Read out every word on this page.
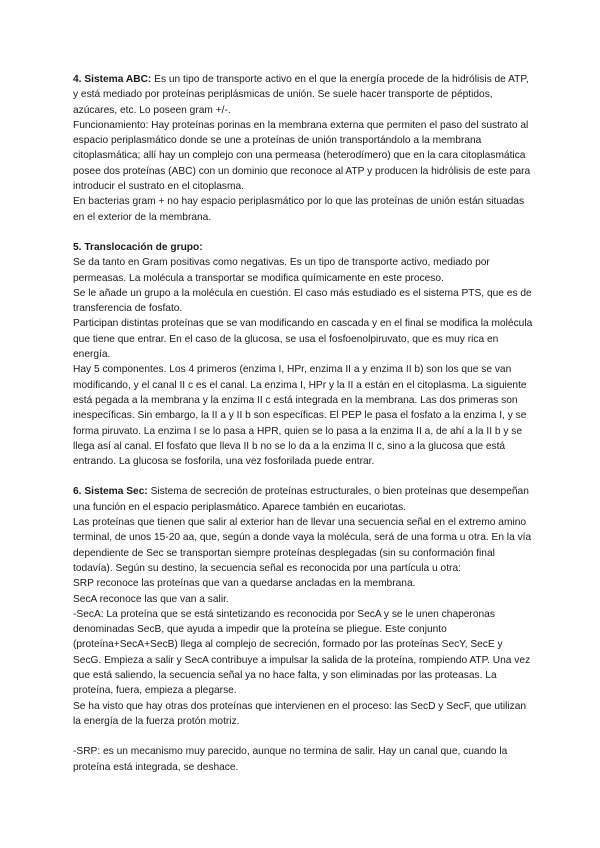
4. Sistema ABC: Es un tipo de transporte activo en el que la energía procede de la hidrólisis de ATP, y está mediado por proteínas periplásmicas de unión. Se suele hacer transporte de péptidos, azúcares, etc. Lo poseen gram +/-.

Funcionamiento: Hay proteínas porinas en la membrana externa que permiten el paso del sustrato al espacio periplasmático donde se une a proteínas de unión transportándolo a la membrana citoplasmática; allí hay un complejo con una permeasa (heterodímero) que en la cara citoplasmática posee dos proteínas (ABC) con un dominio que reconoce al ATP y producen la hidrólisis de este para introducir el sustrato en el citoplasma.

En bacterias gram + no hay espacio periplasmático por lo que las proteínas de unión están situadas en el exterior de la membrana.

5. Translocación de grupo:

Se da tanto en Gram positivas como negativas. Es un tipo de transporte activo, mediado por permeasas. La molécula a transportar se modifica químicamente en este proceso.

Se le añade un grupo a la molécula en cuestión. El caso más estudiado es el sistema PTS, que es de transferencia de fosfato.

Participan distintas proteínas que se van modificando en cascada y en el final se modifica la molécula que tiene que entrar. En el caso de la glucosa, se usa el fosfoenolpiruvato, que es muy rica en energía.

Hay 5 componentes. Los 4 primeros (enzima I, HPr, enzima II a y enzima II b) son los que se van modificando, y el canal II c es el canal. La enzima I, HPr y la II a están en el citoplasma. La siguiente está pegada a la membrana y la enzima II c está integrada en la membrana. Las dos primeras son inespecíficas. Sin embargo, la II a y II b son específicas. El PEP le pasa el fosfato a la enzima I, y se forma piruvato. La enzima I se lo pasa a HPR, quien se lo pasa a la enzima II a, de ahí a la II b y se llega así al canal. El fosfato que lleva II b no se lo da a la enzima II c, sino a la glucosa que está entrando. La glucosa se fosforila, una vez fosforilada puede entrar.

6. Sistema Sec: Sistema de secreción de proteínas estructurales, o bien proteínas que desempeñan una función en el espacio periplasmático. Aparece también en eucariotas.

Las proteínas que tienen que salir al exterior han de llevar una secuencia señal en el extremo amino terminal, de unos 15-20 aa, que, según a donde vaya la molécula, será de una forma u otra. En la vía dependiente de Sec se transportan siempre proteínas desplegadas (sin su conformación final todavía). Según su destino, la secuencia señal es reconocida por una partícula u otra:

SRP reconoce las proteínas que van a quedarse ancladas en la membrana.

SecA reconoce las que van a salir.

-SecA: La proteína que se está sintetizando es reconocida por SecA y se le unen chaperonas denominadas SecB, que ayuda a impedir que la proteína se pliegue. Este conjunto (proteína+SecA+SecB) llega al complejo de secreción, formado por las proteínas SecY, SecE y SecG. Empieza a salir y SecA contribuye a impulsar la salida de la proteína, rompiendo ATP. Una vez que está saliendo, la secuencia señal ya no hace falta, y son eliminadas por las proteasas. La proteína, fuera, empieza a plegarse.

Se ha visto que hay otras dos proteínas que intervienen en el proceso: las SecD y SecF, que utilizan la energía de la fuerza protón motriz.

-SRP: es un mecanismo muy parecido, aunque no termina de salir. Hay un canal que, cuando la proteína está integrada, se deshace.
